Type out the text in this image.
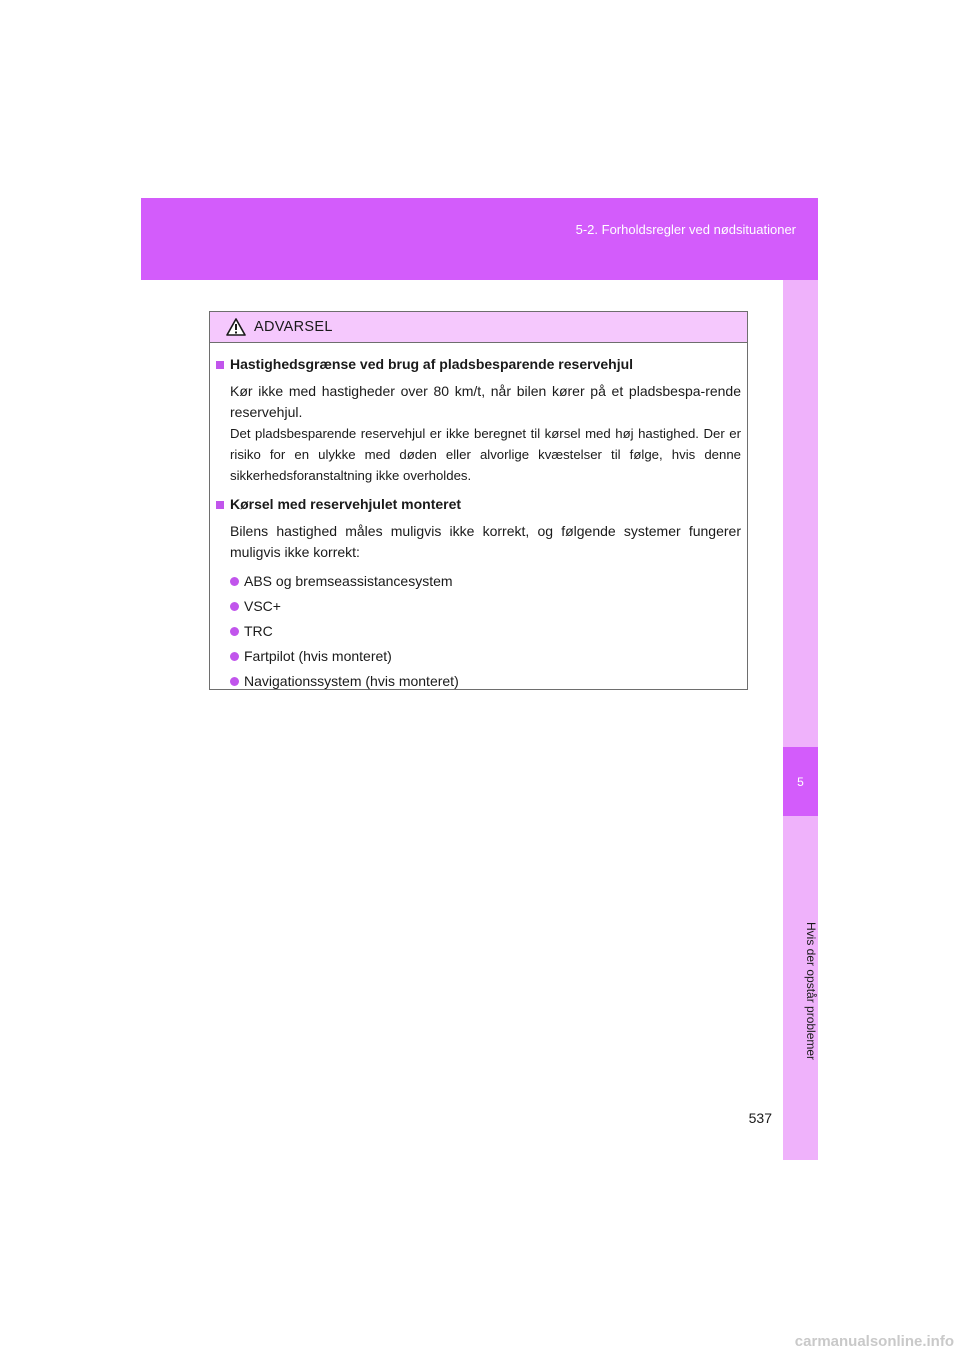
5-2. Forholdsregler ved nødsituationer
5
Hvis der opstår problemer
ADVARSEL
Hastighedsgrænse ved brug af pladsbesparende reservehjul

Kør ikke med hastigheder over 80 km/t, når bilen kører på et pladsbespa-rende reservehjul.

Det pladsbesparende reservehjul er ikke beregnet til kørsel med høj hastighed. Der er risiko for en ulykke med døden eller alvorlige kvæstelser til følge, hvis denne sikkerhedsforanstaltning ikke overholdes.

Kørsel med reservehjulet monteret

Bilens hastighed måles muligvis ikke korrekt, og følgende systemer fungerer muligvis ikke korrekt:

ABS og bremseassistancesystem
VSC+
TRC
Fartpilot (hvis monteret)
Navigationssystem (hvis monteret)
537
carmanualsonline.info
